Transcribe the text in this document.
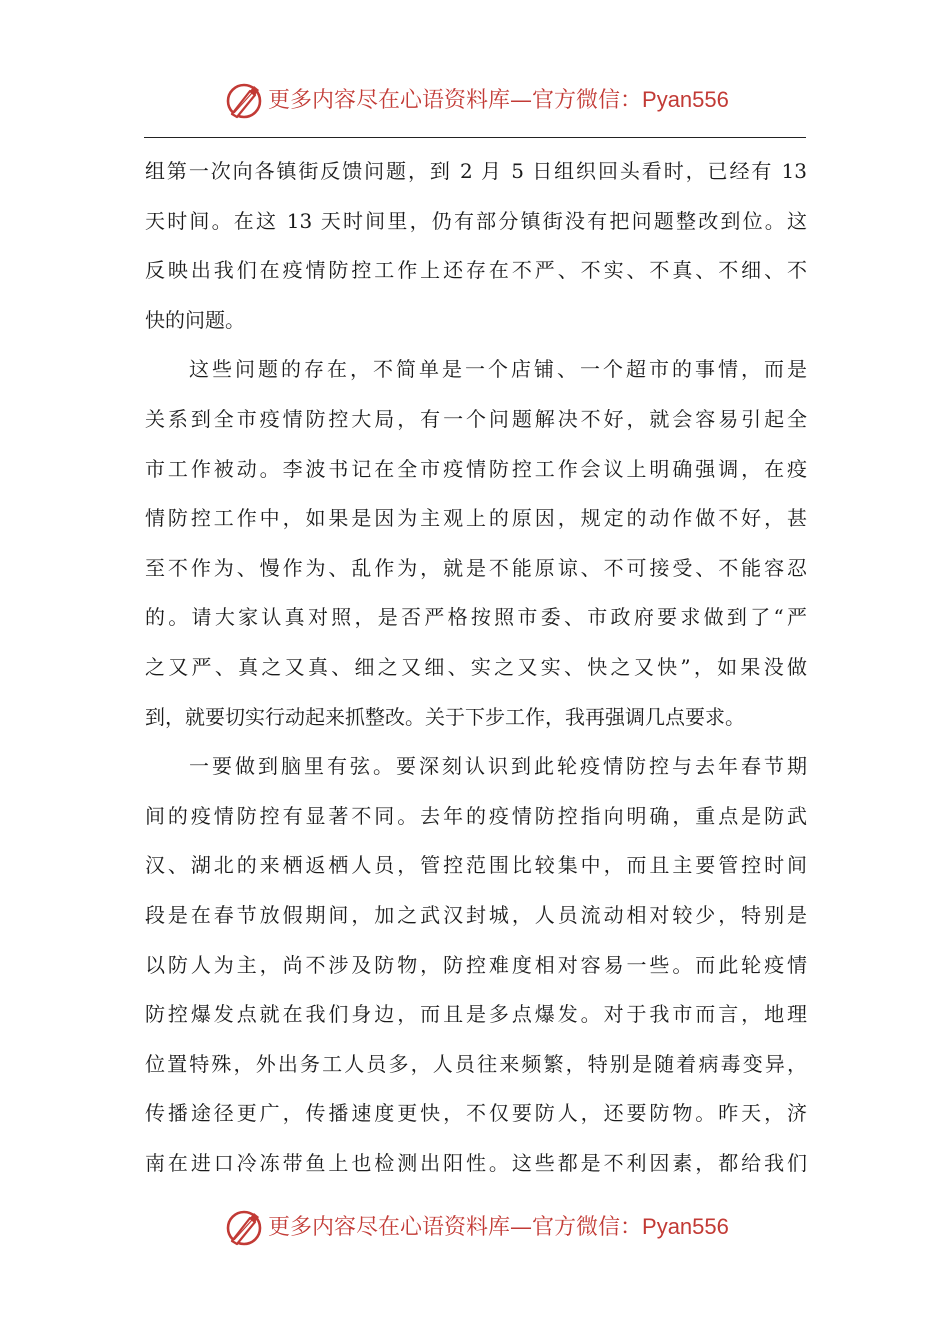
更多内容尽在心语资料库—官方微信：Pyan556
组第一次向各镇街反馈问题，到 2 月 5 日组织回头看时，已经有 13
天时间。在这 13 天时间里，仍有部分镇街没有把问题整改到位。这
反映出我们在疫情防控工作上还存在不严、不实、不真、不细、不
快的问题。
这些问题的存在，不简单是一个店铺、一个超市的事情，而是
关系到全市疫情防控大局，有一个问题解决不好，就会容易引起全
市工作被动。李波书记在全市疫情防控工作会议上明确强调，在疫
情防控工作中，如果是因为主观上的原因，规定的动作做不好，甚
至不作为、慢作为、乱作为，就是不能原谅、不可接受、不能容忍
的。请大家认真对照，是否严格按照市委、市政府要求做到了“严
之又严、真之又真、细之又细、实之又实、快之又快”，如果没做
到，就要切实行动起来抓整改。关于下步工作，我再强调几点要求。
一要做到脑里有弦。要深刻认识到此轮疫情防控与去年春节期
间的疫情防控有显著不同。去年的疫情防控指向明确，重点是防武
汉、湖北的来栖返栖人员，管控范围比较集中，而且主要管控时间
段是在春节放假期间，加之武汉封城，人员流动相对较少，特别是
以防人为主，尚不涉及防物，防控难度相对容易一些。而此轮疫情
防控爆发点就在我们身边，而且是多点爆发。对于我市而言，地理
位置特殊，外出务工人员多，人员往来频繁，特别是随着病毒变异，
传播途径更广，传播速度更快，不仅要防人，还要防物。昨天，济
南在进口冷冻带鱼上也检测出阳性。这些都是不利因素，都给我们
更多内容尽在心语资料库—官方微信：Pyan556
